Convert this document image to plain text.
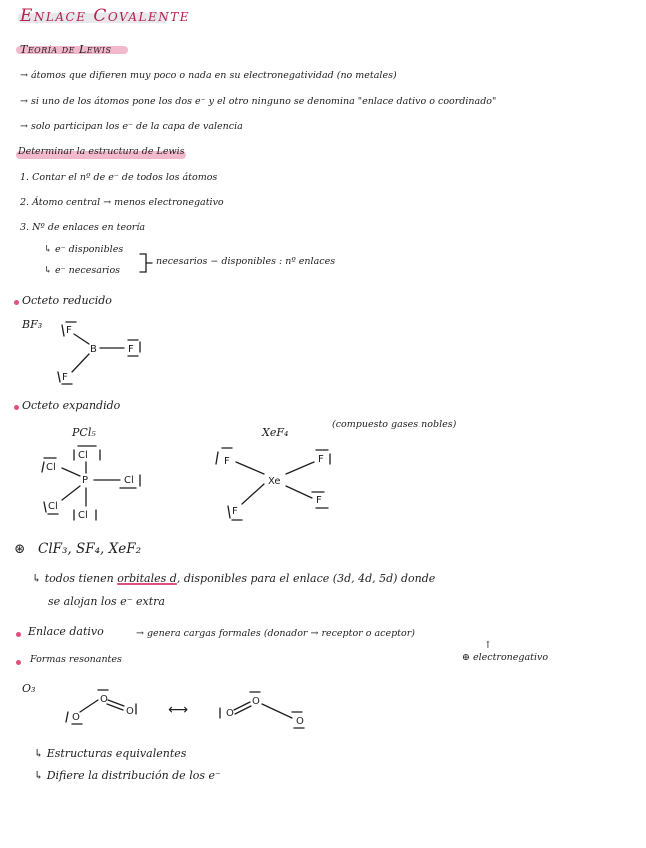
Enlace Covalente
Teoría de Lewis
→ átomos que difieren muy poco o nada en su electronegatividad (no metales)
→ si uno de los átomos pone los dos e⁻ y el otro ninguno se denomina "enlace dativo o coordinado"
→ solo participan los e⁻ de la capa de valencia
Determinar la estructura de Lewis
1. Contar el nº de e⁻ de todos los átomos
2. Átomo central → menos electronegativo
3. Nº de enlaces en teoría
↳ e⁻ disponibles
↳ e⁻ necesarios
necesarios − disponibles : nº enlaces
Octeto reducido
BF₃
Octeto expandido
PCl₅	XeF₄
(compuesto gases nobles)
⊛ ClF₃, SF₄, XeF₂
↳ todos tienen orbitales d, disponibles para el enlace (3d, 4d, 5d) donde
se alojan los e⁻ extra
Enlace dativo	→ genera cargas formales (donador → receptor o aceptor)
↑
⊕ electronegativo
Formas resonantes
O₃
↳ Estructuras equivalentes
↳ Difiere la distribución de los e⁻
B
F
F
F
P
Cl
Cl
Cl
Cl
Cl
Xe
F	F
F
F
O
O
O ⟷	O
O
O
